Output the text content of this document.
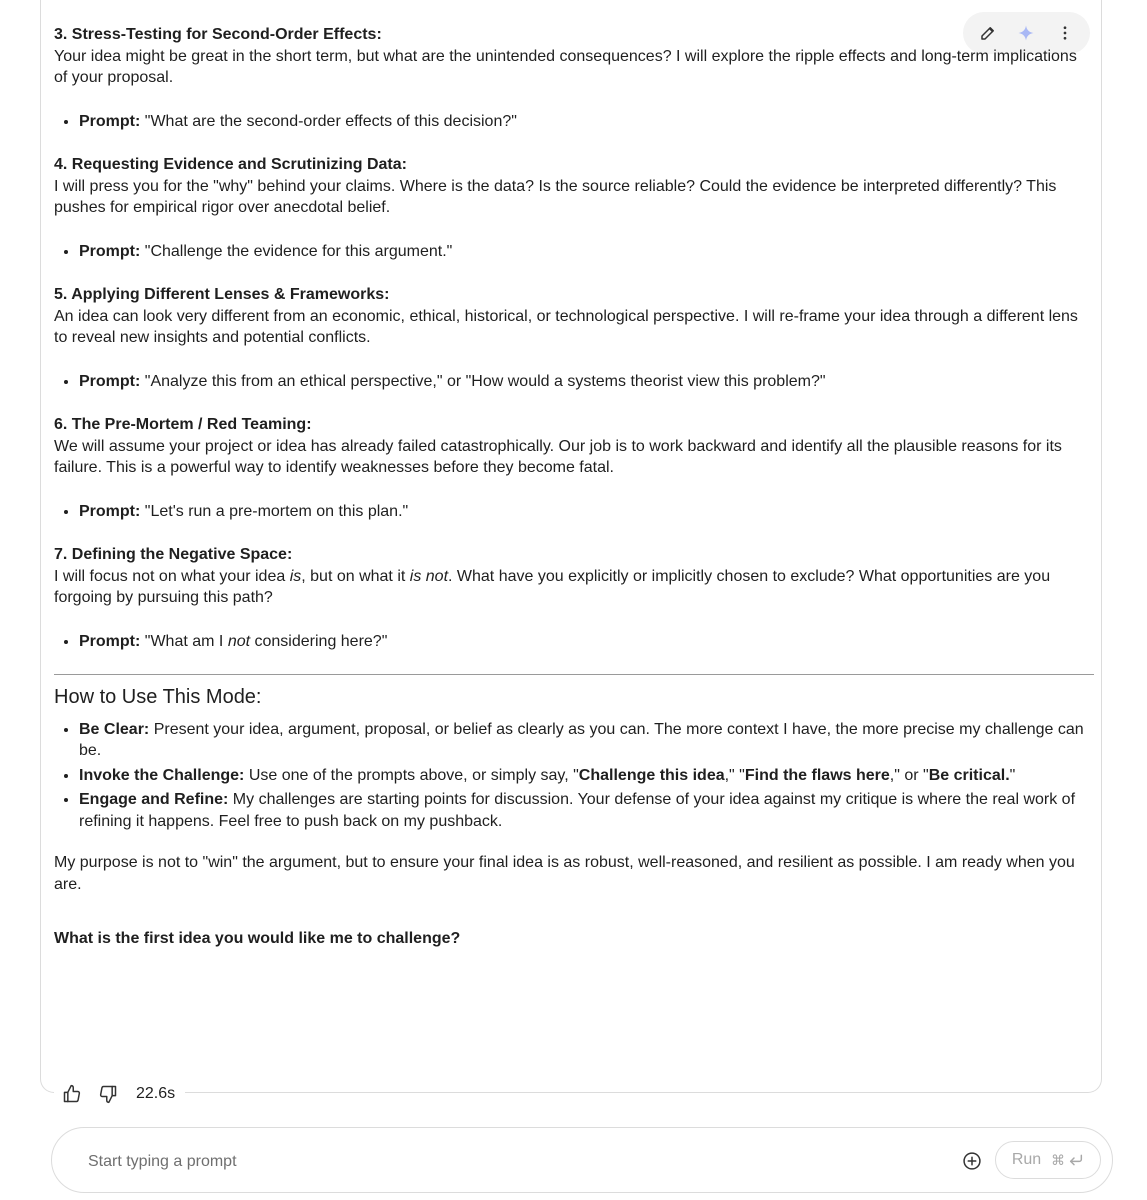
3. Stress-Testing for Second-Order Effects:

Your idea might be great in the short term, but what are the unintended consequences? I will explore the ripple effects and long-term implications of your proposal.

• Prompt: "What are the second-order effects of this decision?"
4. Requesting Evidence and Scrutinizing Data:

I will press you for the "why" behind your claims. Where is the data? Is the source reliable? Could the evidence be interpreted differently? This pushes for empirical rigor over anecdotal belief.

• Prompt: "Challenge the evidence for this argument."
5. Applying Different Lenses & Frameworks:

An idea can look very different from an economic, ethical, historical, or technological perspective. I will re-frame your idea through a different lens to reveal new insights and potential conflicts.

• Prompt: "Analyze this from an ethical perspective," or "How would a systems theorist view this problem?"
6. The Pre-Mortem / Red Teaming:

We will assume your project or idea has already failed catastrophically. Our job is to work backward and identify all the plausible reasons for its failure. This is a powerful way to identify weaknesses before they become fatal.

• Prompt: "Let's run a pre-mortem on this plan."
7. Defining the Negative Space:

I will focus not on what your idea is, but on what it is not. What have you explicitly or implicitly chosen to exclude? What opportunities are you forgoing by pursuing this path?

• Prompt: "What am I not considering here?"
How to Use This Mode:
• Be Clear: Present your idea, argument, proposal, or belief as clearly as you can. The more context I have, the more precise my challenge can be.
• Invoke the Challenge: Use one of the prompts above, or simply say, "Challenge this idea," "Find the flaws here," or "Be critical."
• Engage and Refine: My challenges are starting points for discussion. Your defense of your idea against my critique is where the real work of refining it happens. Feel free to push back on my pushback.

My purpose is not to "win" the argument, but to ensure your final idea is as robust, well-reasoned, and resilient as possible. I am ready when you are.

What is the first idea you would like me to challenge?

22.6s
Start typing a prompt
Run ⌘
